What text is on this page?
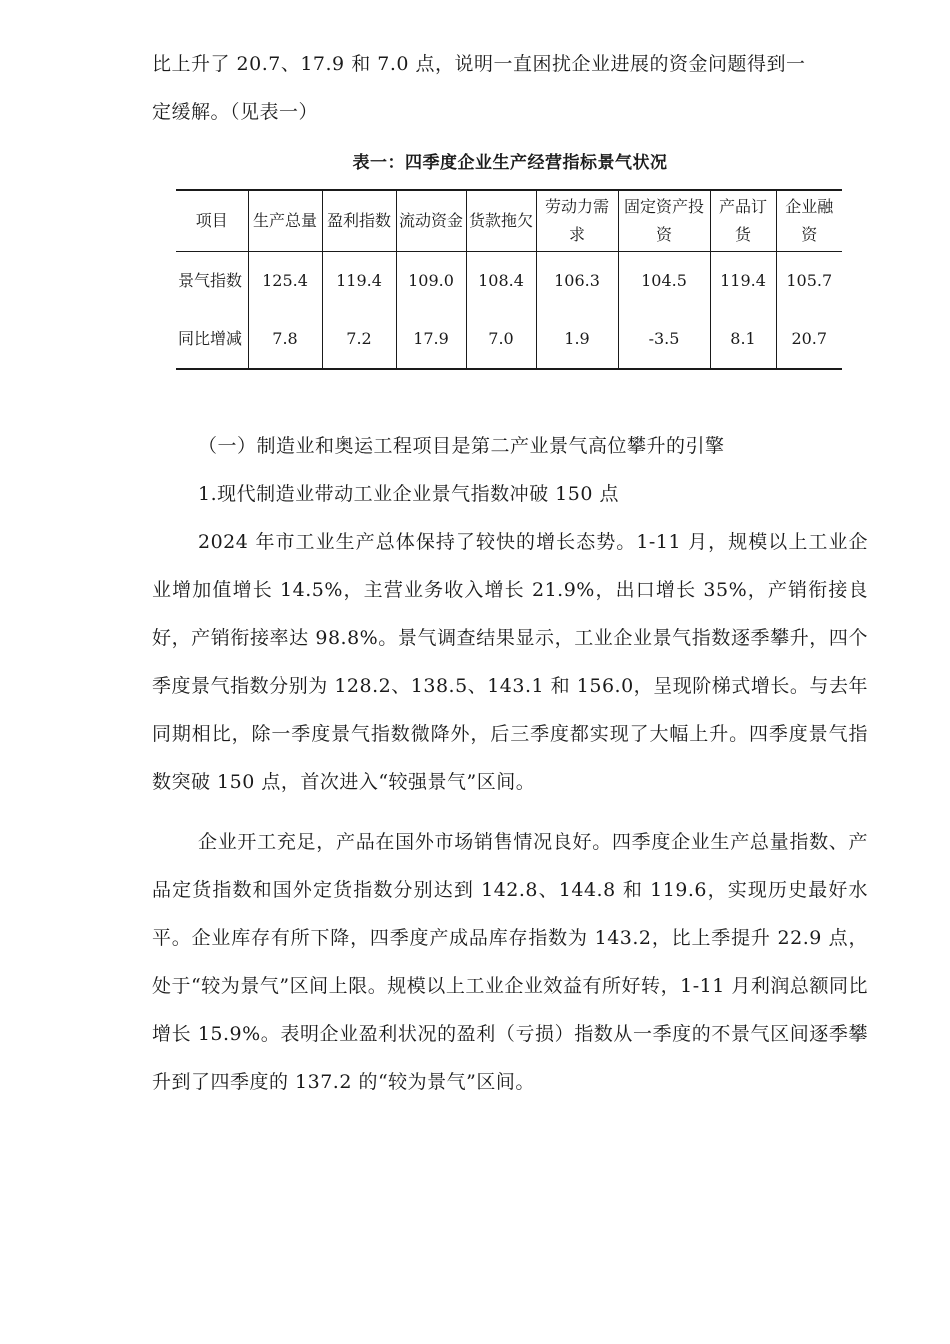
比上升了 20.7、17.9 和 7.0 点，说明一直困扰企业进展的资金问题得到一
定缓解。（见表一）

表一：四季度企业生产经营指标景气状况
项目	生产总量	盈利指数	流动资金	货款拖欠	劳动力需求	固定资产投资	产品订货	企业融资
景气指数	125.4	119.4	109.0	108.4	106.3	104.5	119.4	105.7
同比增减	7.8	7.2	17.9	7.0	1.9	-3.5	8.1	20.7

（一）制造业和奥运工程项目是第二产业景气高位攀升的引擎

1.现代制造业带动工业企业景气指数冲破 150 点

2024 年市工业生产总体保持了较快的增长态势。1-11 月，规模以上工业企业增加值增长 14.5%，主营业务收入增长 21.9%，出口增长 35%，产销衔接良好，产销衔接率达 98.8%。景气调查结果显示，工业企业景气指数逐季攀升，四个季度景气指数分别为 128.2、138.5、143.1 和 156.0，呈现阶梯式增长。与去年同期相比，除一季度景气指数微降外，后三季度都实现了大幅上升。四季度景气指数突破 150 点，首次进入“较强景气”区间。

企业开工充足，产品在国外市场销售情况良好。四季度企业生产总量指数、产品定货指数和国外定货指数分别达到 142.8、144.8 和 119.6，实现历史最好水平。企业库存有所下降，四季度产成品库存指数为 143.2，比上季提升 22.9 点，处于“较为景气”区间上限。规模以上工业企业效益有所好转，1-11 月利润总额同比增长 15.9%。表明企业盈利状况的盈利（亏损）指数从一季度的不景气区间逐季攀升到了四季度的 137.2 的“较为景气”区间。
